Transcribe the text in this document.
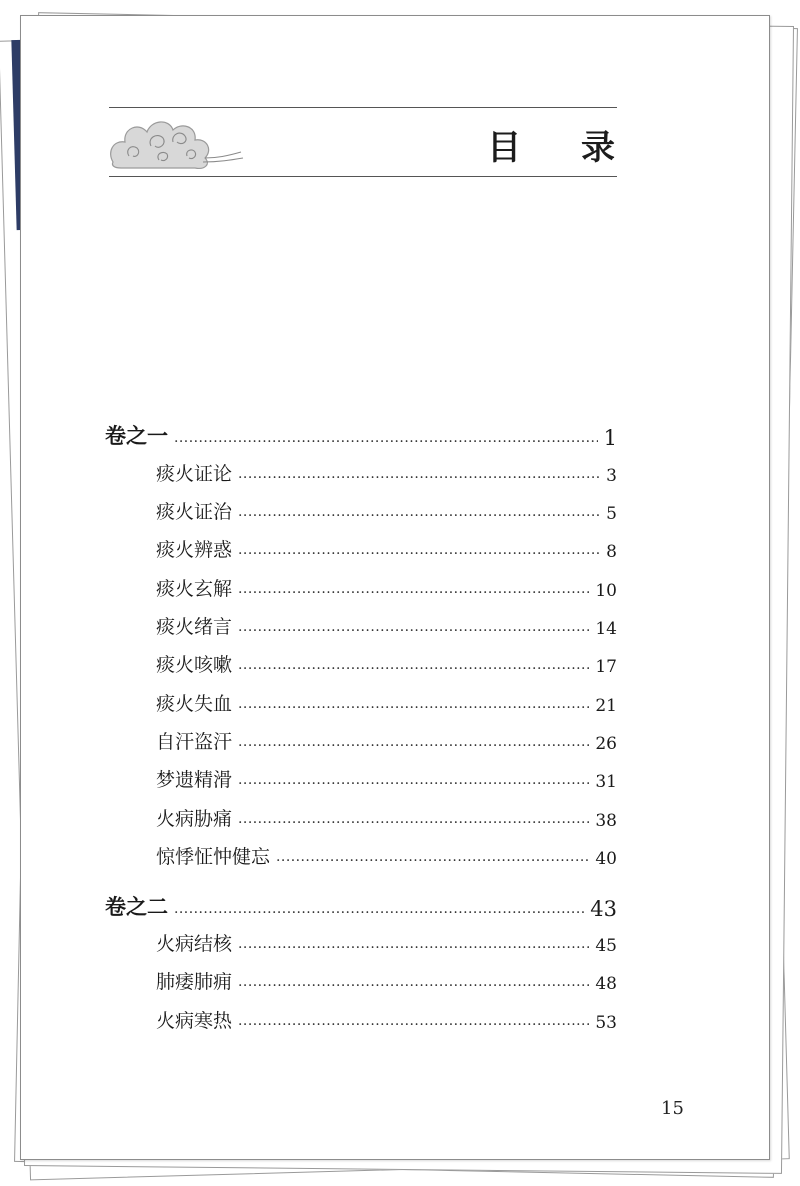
目 录
卷之一 · · ·	1
痰火证论 · · ·	3
痰火证治 · · ·	5
痰火辨惑 · · ·	8
痰火玄解 · · ·	10
痰火绪言 · · ·	14
痰火咳嗽 · · ·	17
痰火失血 · · ·	21
自汗盗汗 · · ·	26
梦遗精滑 · · ·	31
火病胁痛 · · ·	38
惊悸怔忡健忘 · · ·	40
卷之二 · · ·	43
火病结核 · · ·	45
肺痿肺痈 · · ·	48
火病寒热 · · ·	53
15
